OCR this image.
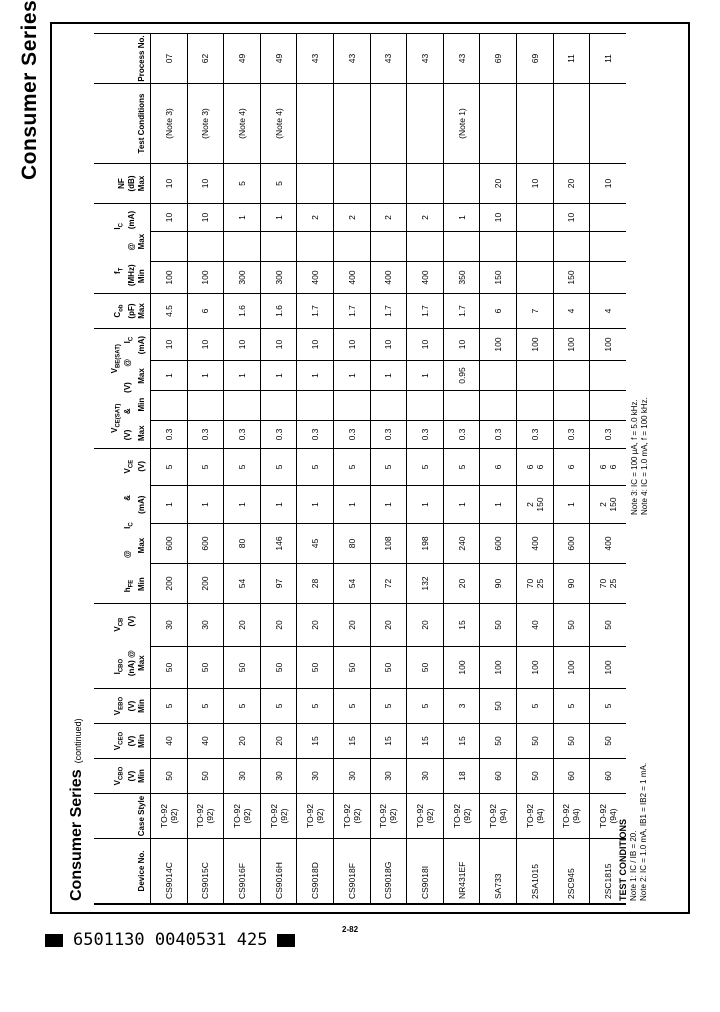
Consumer Series
Consumer Series(continued)
Device No.
Case Style
$V_{CBO}$ (V) Min
$V_{CEO}$ (V) Min
$V_{EBO}$ (V) Min
$I_{CBO}$
$V_{CB}$
(nA) @
(V)
Max
$h_{FE}$
@
$I_C$
&
$V_{CE}$
Min
Max
(mA)
(V)
$V_{CE(SAT)}$
$V_{BE(SAT)}$
(V)
&
(V)
@
$I_C$
Max
Min
Max
(mA)
$C_{ob}$ (pF) Max
$f_T$
$I_C$
(MHz)
@
(mA)
Min
Max
NF (dB) Max
Test Conditions
Process No.
CS9014C
TO-92
(92)
50
40
5
50
30
200
600
1
5
0.3
1
10
4.5
100
10
10
(Note 3)
07
CS9015C
TO-92
(92)
50
40
5
50
30
200
600
1
5
0.3
1
10
6
100
10
10
(Note 3)
62
CS9016F
TO-92
(92)
30
20
5
50
20
54
80
1
5
0.3
1
10
1.6
300
1
5
(Note 4)
49
CS9016H
TO-92
(92)
30
20
5
50
20
97
146
1
5
0.3
1
10
1.6
300
1
5
(Note 4)
49
CS9018D
TO-92
(92)
30
15
5
50
20
28
45
1
5
0.3
1
10
1.7
400
2
43
CS9018F
TO-92
(92)
30
15
5
50
20
54
80
1
5
0.3
1
10
1.7
400
2
43
CS9018G
TO-92
(92)
30
15
5
50
20
72
108
1
5
0.3
1
10
1.7
400
2
43
CS9018I
TO-92
(92)
30
15
5
50
20
132
198
1
5
0.3
1
10
1.7
400
2
43
NR431EF
TO-92
(92)
18
15
3
100
15
20
240
1
5
0.3
0.95
10
1.7
350
1
(Note 1)
43
SA733
TO-92
(94)
60
50
50
100
50
90
600
1
6
0.3
100
6
150
10
20
69
2SA1015
TO-92
(94)
50
50
5
100
40
70
25
400
2
150
6
6
0.3
100
7
10
69
2SC945
TO-92
(94)
60
50
5
100
50
90
600
1
6
0.3
100
4
150
10
20
11
2SC1815
TO-92
(94)
60
50
5
100
50
70
25
400
2
150
6
6
0.3
100
4
10
11
TEST CONDITIONS
Note 1: IC / IB = 20.
Note 2: IC = 1.0 mA, IB1 = IB2 = 1 mA.
Note 3: IC = 100 µA, f = 5.0 kHz.
Note 4: IC = 1.0 mA, f = 100 kHz.
2-82
6501130 0040531 425
